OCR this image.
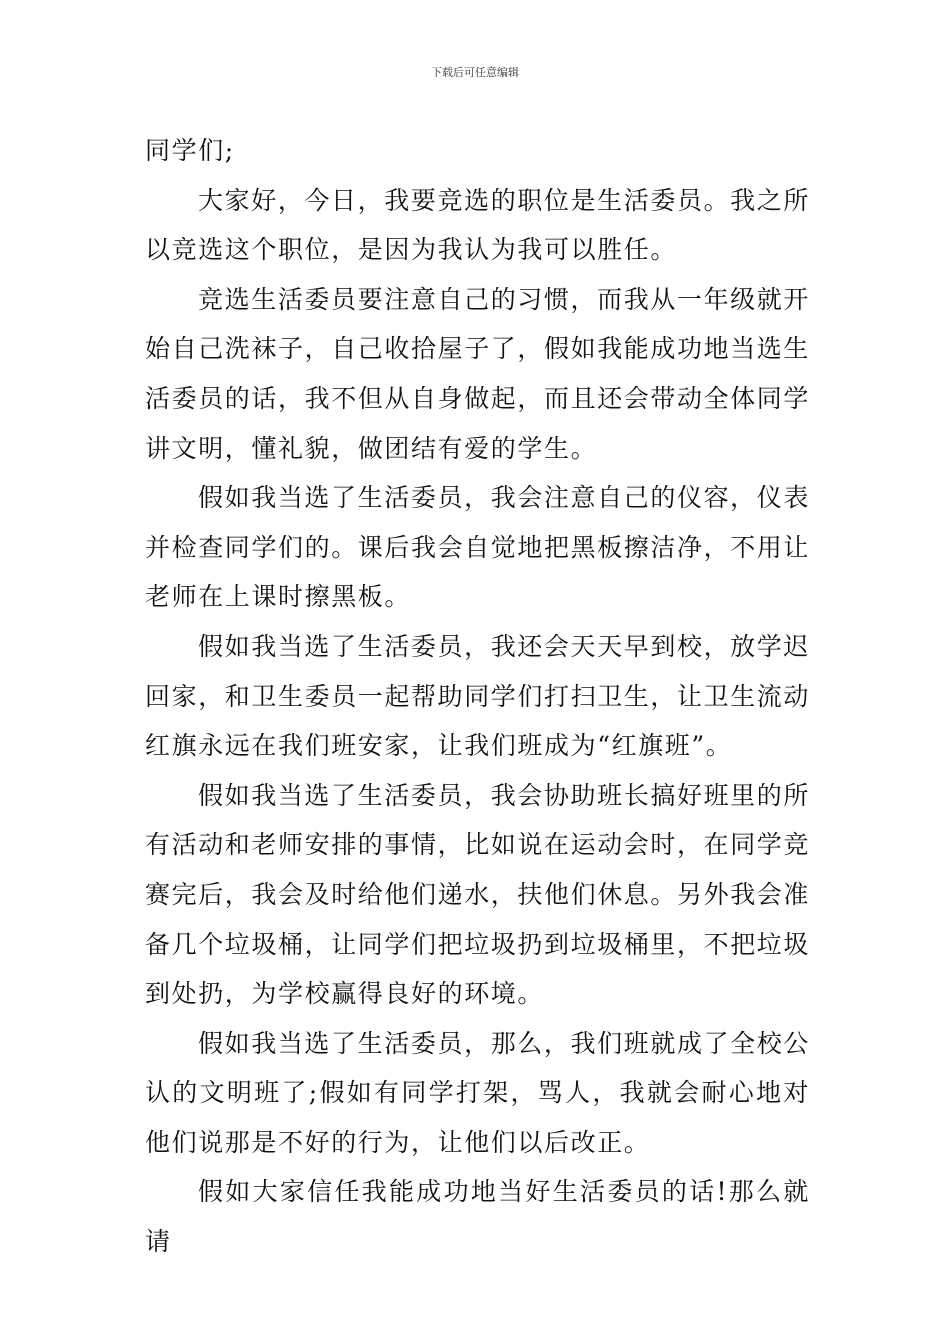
下载后可任意编辑

同学们;

大家好，今日，我要竞选的职位是生活委员。我之所以竞选这个职位，是因为我认为我可以胜任。

竞选生活委员要注意自己的习惯，而我从一年级就开始自己洗袜子，自己收拾屋子了，假如我能成功地当选生活委员的话，我不但从自身做起，而且还会带动全体同学讲文明，懂礼貌，做团结有爱的学生。

假如我当选了生活委员，我会注意自己的仪容，仪表并检查同学们的。课后我会自觉地把黑板擦洁净，不用让老师在上课时擦黑板。

假如我当选了生活委员，我还会天天早到校，放学迟回家，和卫生委员一起帮助同学们打扫卫生，让卫生流动红旗永远在我们班安家，让我们班成为“红旗班”。

假如我当选了生活委员，我会协助班长搞好班里的所有活动和老师安排的事情，比如说在运动会时，在同学竞赛完后，我会及时给他们递水，扶他们休息。另外我会准备几个垃圾桶，让同学们把垃圾扔到垃圾桶里，不把垃圾到处扔，为学校赢得良好的环境。

假如我当选了生活委员，那么，我们班就成了全校公认的文明班了;假如有同学打架，骂人，我就会耐心地对他们说那是不好的行为，让他们以后改正。

假如大家信任我能成功地当好生活委员的话!那么就请
